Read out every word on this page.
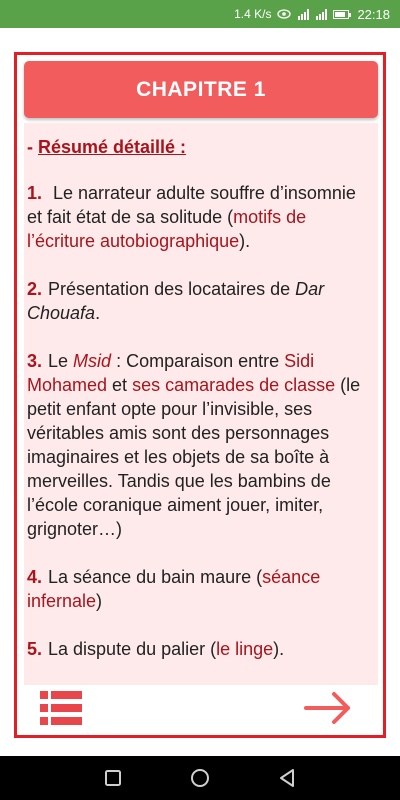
1.4 K/s	22:18
CHAPITRE 1

- Résumé détaillé :

1. Le narrateur adulte souffre d’insomnie et fait état de sa solitude (motifs de l’écriture autobiographique).

2. Présentation des locataires de Dar Chouafa.

3. Le Msid : Comparaison entre Sidi Mohamed et ses camarades de classe (le petit enfant opte pour l’invisible, ses véritables amis sont des personnages imaginaires et les objets de sa boîte à merveilles. Tandis que les bambins de l’école coranique aiment jouer, imiter, grignoter…)

4. La séance du bain maure (séance infernale)

5. La dispute du palier (le linge).
